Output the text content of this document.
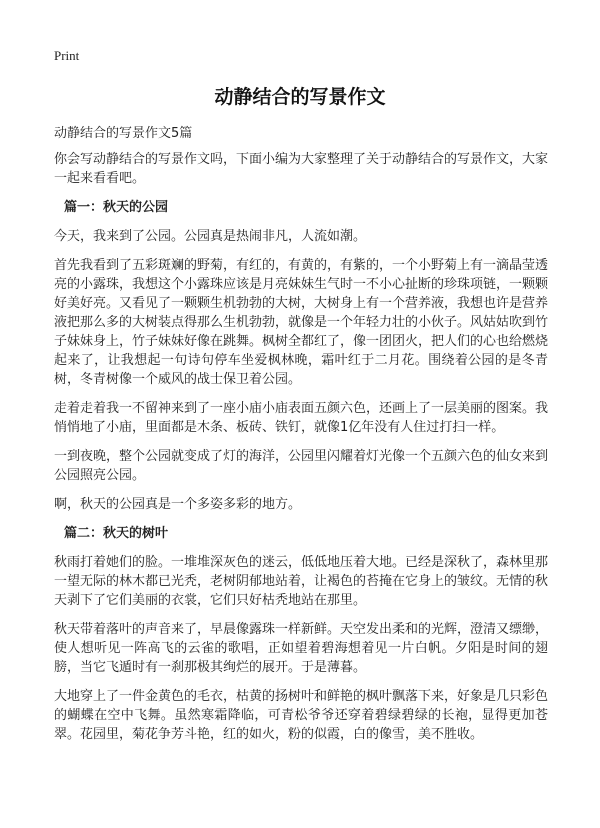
Print
动静结合的写景作文
动静结合的写景作文5篇

你会写动静结合的写景作文吗，下面小编为大家整理了关于动静结合的写景作文，大家一起来看看吧。

篇一：秋天的公园

今天，我来到了公园。公园真是热闹非凡，人流如潮。

首先我看到了五彩斑斓的野菊，有红的，有黄的，有紫的，一个小野菊上有一滴晶莹透亮的小露珠，我想这个小露珠应该是月亮妹妹生气时一不小心扯断的珍珠项链，一颗颗好美好亮。又看见了一颗颗生机勃勃的大树，大树身上有一个营养液，我想也许是营养液把那么多的大树装点得那么生机勃勃，就像是一个年轻力壮的小伙子。风姑姑吹到竹子妹妹身上，竹子妹妹好像在跳舞。枫树全都红了，像一团团火，把人们的心也给燃烧起来了，让我想起一句诗句停车坐爱枫林晚，霜叶红于二月花。围绕着公园的是冬青树，冬青树像一个威风的战士保卫着公园。

走着走着我一不留神来到了一座小庙小庙表面五颜六色，还画上了一层美丽的图案。我悄悄地了小庙，里面都是木条、板砖、铁钉，就像1亿年没有人住过打扫一样。

一到夜晚，整个公园就变成了灯的海洋，公园里闪耀着灯光像一个五颜六色的仙女来到公园照亮公园。

啊，秋天的公园真是一个多姿多彩的地方。

篇二：秋天的树叶

秋雨打着她们的脸。一堆堆深灰色的迷云，低低地压着大地。已经是深秋了，森林里那一望无际的林木都已光秃，老树阴郁地站着，让褐色的苔掩在它身上的皱纹。无情的秋天剥下了它们美丽的衣裳，它们只好枯秃地站在那里。

秋天带着落叶的声音来了，早晨像露珠一样新鲜。天空发出柔和的光辉，澄清又缥缈，使人想听见一阵高飞的云雀的歌唱，正如望着碧海想着见一片白帆。夕阳是时间的翅膀，当它飞遁时有一刹那极其绚烂的展开。于是薄暮。

大地穿上了一件金黄色的毛衣，枯黄的扬树叶和鲜艳的枫叶飘落下来，好象是几只彩色的蝴蝶在空中飞舞。虽然寒霜降临，可青松爷爷还穿着碧绿碧绿的长袍，显得更加苍翠。花园里，菊花争芳斗艳，红的如火，粉的似霞，白的像雪，美不胜收。
